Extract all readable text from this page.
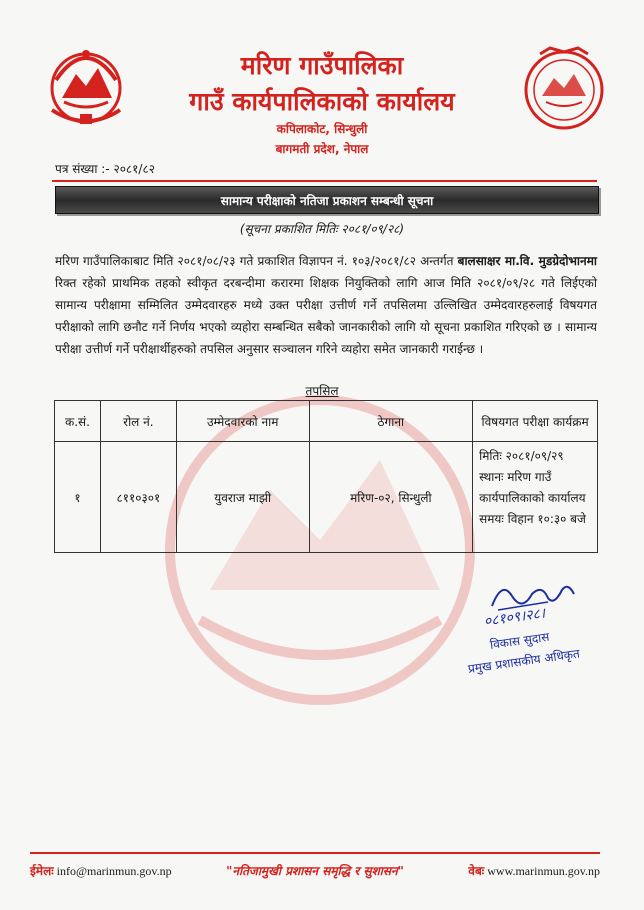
मरिण गाउँपालिका
गाउँ कार्यपालिकाको कार्यालय
कपिलाकोट, सिन्धुली
बागमती प्रदेश, नेपाल
पत्र संख्या :- २०८१/८२
सामान्य परीक्षाको नतिजा प्रकाशन सम्बन्धी सूचना
(सूचना प्रकाशित मितिः २०८१/०९/२८)
मरिण गाउँपालिकाबाट मिति २०८१/०८/२३ गते प्रकाशित विज्ञापन नं. १०३/२०८१/८२ अन्तर्गत बालसाक्षर मा.वि. मुडग्रेदोभानमा रिक्त रहेको प्राथमिक तहको स्वीकृत दरबन्दीमा करारमा शिक्षक नियुक्तिको लागि आज मिति २०८१/०९/२८ गते लिईएको सामान्य परीक्षामा सम्मिलित उम्मेदवारहरु मध्ये उक्त परीक्षा उत्तीर्ण गर्ने तपसिलमा उल्लिखित उम्मेदवारहरुलाई विषयगत परीक्षाको लागि छनौट गर्ने निर्णय भएको व्यहोरा सम्बन्धित सबैको जानकारीको लागि यो सूचना प्रकाशित गरिएको छ । सामान्य परीक्षा उत्तीर्ण गर्ने परीक्षार्थीहरुको तपसिल अनुसार सञ्चालन गरिने व्यहोरा समेत जानकारी गराईन्छ ।
तपसिल
क.सं.	रोल नं.	उम्मेदवारको नाम	ठेगाना	विषयगत परीक्षा कार्यक्रम
१	८११०३०१	युवराज माझी	मरिण-०२, सिन्धुली	मितिः २०८१/०९/२९
स्थानः मरिण गाउँ
कार्यपालिकाको कार्यालय
समयः विहान १०:३० बजे
०८१०९।२८।
विकास सुदास
प्रमुख प्रशासकीय अधिकृत
ईमेलः info@marinmun.gov.np	"नतिजामुखी प्रशासन समृद्धि र सुशासन"	वेबः www.marinmun.gov.np
